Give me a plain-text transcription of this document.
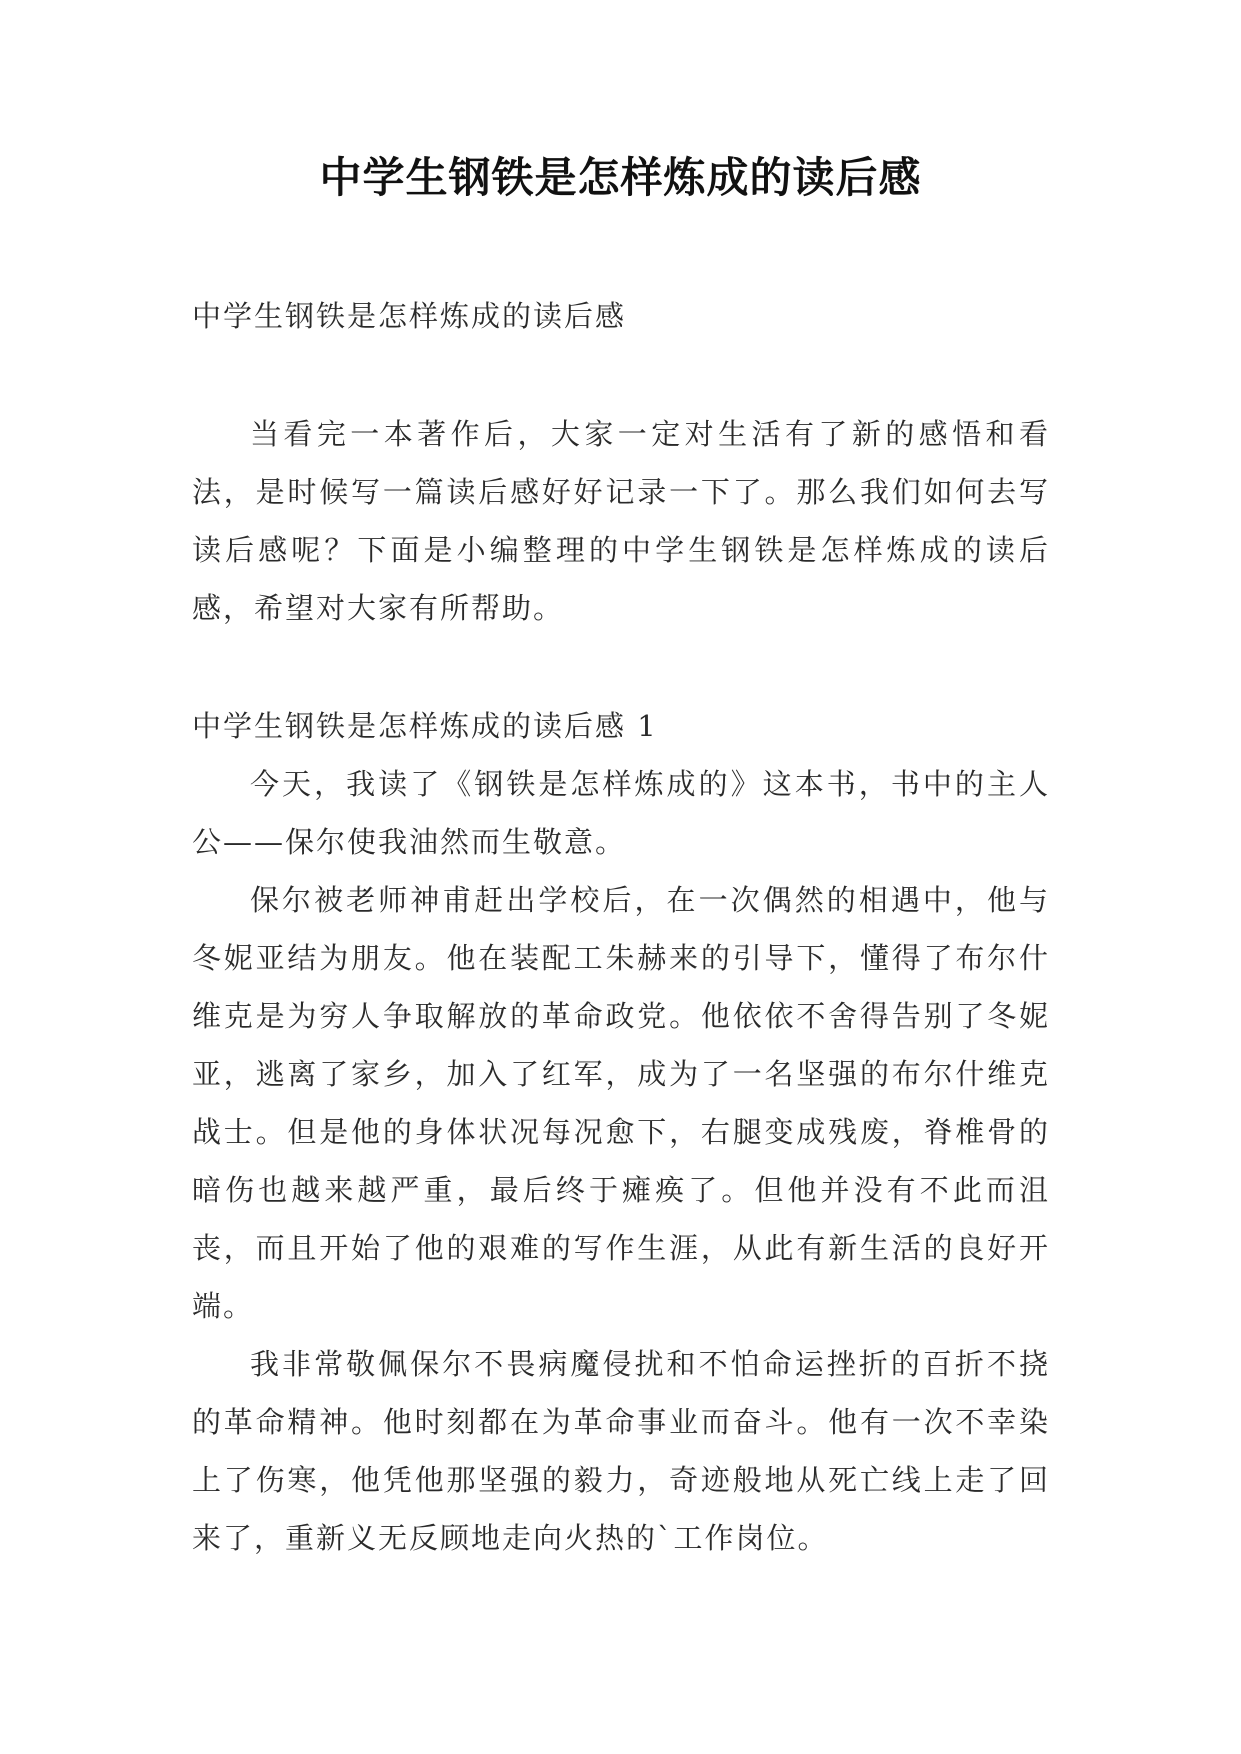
中学生钢铁是怎样炼成的读后感

中学生钢铁是怎样炼成的读后感

当看完一本著作后，大家一定对生活有了新的感悟和看法，是时候写一篇读后感好好记录一下了。那么我们如何去写读后感呢？下面是小编整理的中学生钢铁是怎样炼成的读后感，希望对大家有所帮助。

中学生钢铁是怎样炼成的读后感 1

今天，我读了《钢铁是怎样炼成的》这本书，书中的主人公——保尔使我油然而生敬意。

保尔被老师神甫赶出学校后，在一次偶然的相遇中，他与冬妮亚结为朋友。他在装配工朱赫来的引导下，懂得了布尔什维克是为穷人争取解放的革命政党。他依依不舍得告别了冬妮亚，逃离了家乡，加入了红军，成为了一名坚强的布尔什维克战士。但是他的身体状况每况愈下，右腿变成残废，脊椎骨的暗伤也越来越严重，最后终于瘫痪了。但他并没有不此而沮丧，而且开始了他的艰难的写作生涯，从此有新生活的良好开端。

我非常敬佩保尔不畏病魔侵扰和不怕命运挫折的百折不挠的革命精神。他时刻都在为革命事业而奋斗。他有一次不幸染上了伤寒，他凭他那坚强的毅力，奇迹般地从死亡线上走了回来了，重新义无反顾地走向火热的`工作岗位。
